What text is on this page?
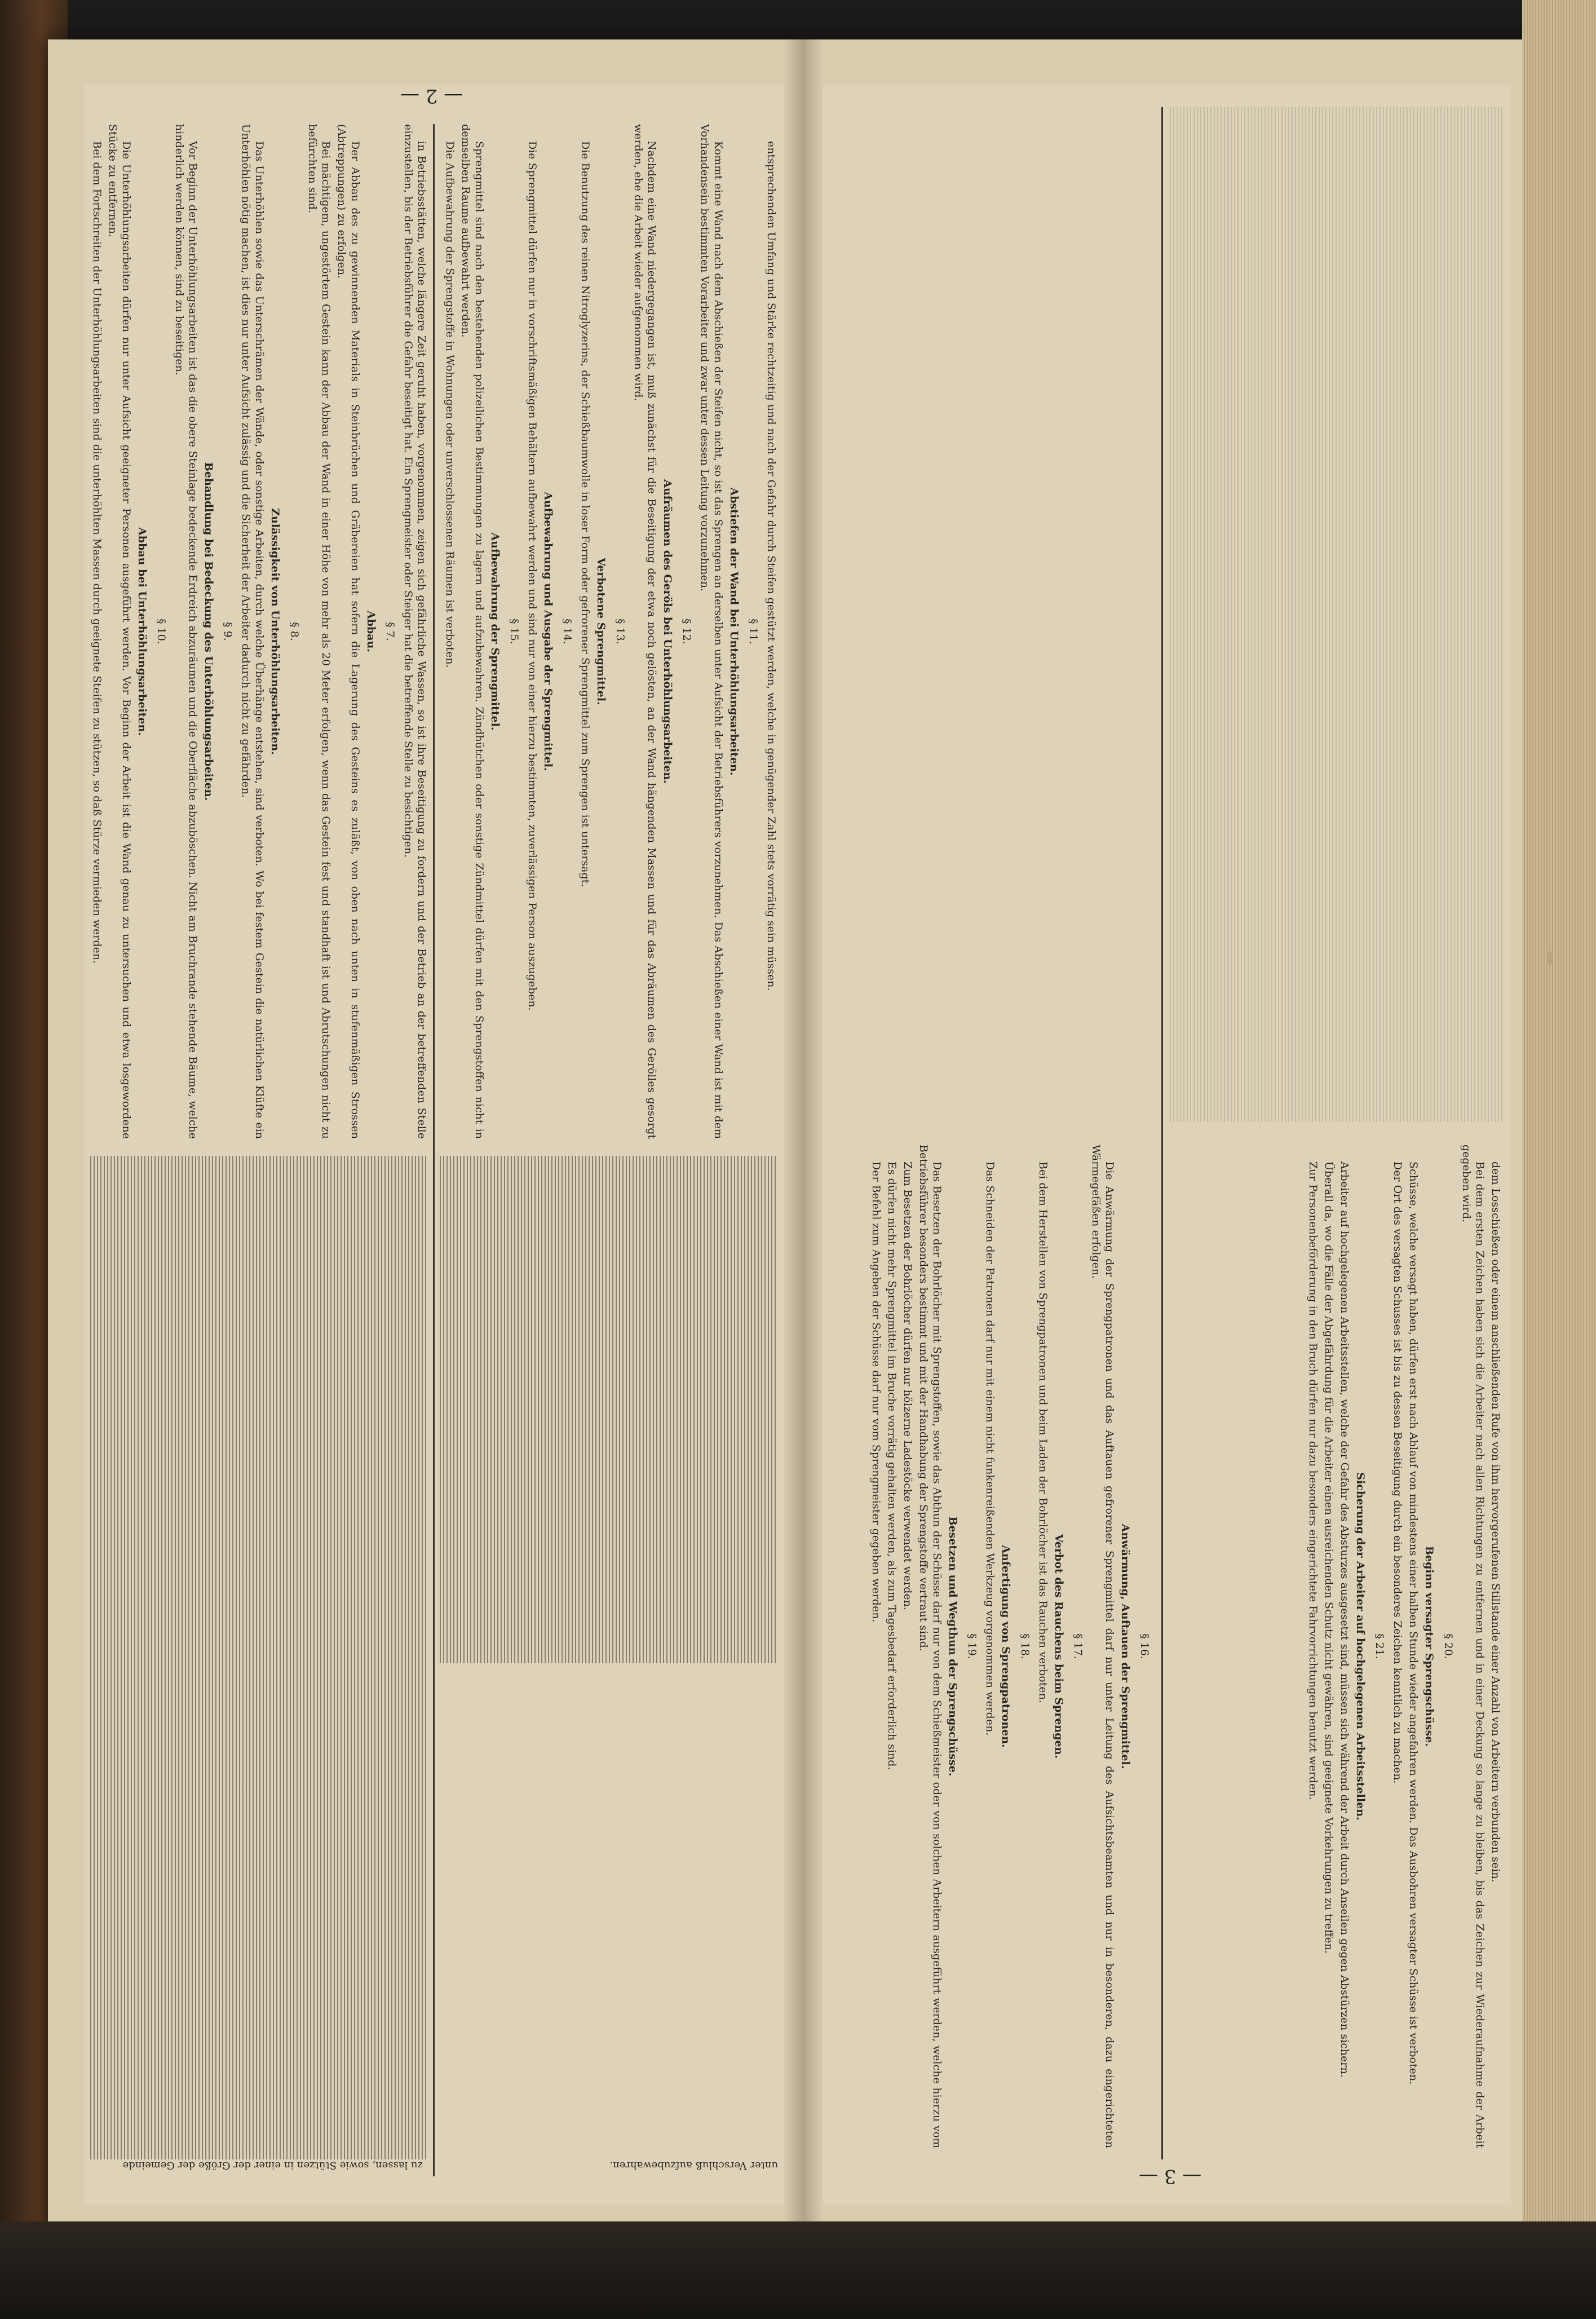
— 2 —

in Betriebsstätten, welche längere Zeit geruht haben, vorgenommen, zeigen sich gefährliche Wassen, so ist ihre Beseitigung zu fordern und der Betrieb an der betreffenden Stelle einzustellen, bis der Betriebsführer die Gefahr beseitigt hat. Ein Sprengmeister oder Steiger hat die betreffende Stelle zu besichtigen.

§ 7.
Abbau.

Der Abbau des zu gewinnenden Materials in Steinbrüchen und Gräbereien hat sofern die Lagerung des Gesteins es zuläßt, von oben nach unten in stufenmäßigen Strossen (Abtreppungen) zu erfolgen.

Bei mächtigem, ungestörtem Gestein kann der Abbau der Wand in einer Höhe von mehr als 20 Meter erfolgen, wenn das Gestein fest und standhaft ist und Abrutschungen nicht zu befürchten sind.

§ 8.
Zulässigkeit von Unterhöhlungsarbeiten.

Das Unterhöhlen sowie das Unterschrämen der Wände, oder sonstige Arbeiten, durch welche Überhänge entstehen, sind verboten. Wo bei festem Gestein die natürlichen Klüfte ein Unterhöhlen nötig machen, ist dies nur unter Aufsicht zulässig und die Sicherheit der Arbeiter dadurch nicht zu gefährden.

§ 9.
Behandlung bei Bedeckung des Unterhöhlungsarbeiten.

Vor Beginn der Unterhöhlungsarbeiten ist das die obere Steinlage bedeckende Erdreich abzuräumen und die Oberfläche abzuböschen. Nicht am Bruchrande stehende Bäume, welche hinderlich werden können, sind zu beseitigen.

§ 10.
Abbau bei Unterhöhlungsarbeiten.

Die Unterhöhlungsarbeiten dürfen nur unter Aufsicht geeigneter Personen ausgeführt werden. Vor Beginn der Arbeit ist die Wand genau zu untersuchen und etwa losgewordene Stücke zu entfernen.

Bei dem Fortschreiten der Unterhöhlungsarbeiten sind die unterhöhlten Massen durch geeignete Steifen zu stützen, so daß Stürze vermieden werden.	entsprechenden Umfang und Stärke rechtzeitig und nach der Gefahr durch Steifen gestützt werden, welche in genügender Zahl stets vorrätig sein müssen.

§ 11.
Abstiefen der Wand bei Unterhöhlungsarbeiten.

Kommt eine Wand nach dem Abschießen der Steifen nicht, so ist das Sprengen an derselben unter Aufsicht der Betriebsführers vorzunehmen. Das Abschießen einer Wand ist mit dem Vorhandensein bestimmten Vorarbeiter und zwar unter dessen Leitung vorzunehmen.

§ 12.
Aufräumen des Geröls bei Unterhöhlungsarbeiten.

Nachdem eine Wand niedergegangen ist, muß zunächst für die Beseitigung der etwa noch gelösten, an der Wand hängenden Massen und für das Abräumen des Gerölles gesorgt werden, ehe die Arbeit wieder aufgenommen wird.

§ 13.
Verbotene Sprengmittel.

Die Benutzung des reinen Nitroglyzerins, der Schießbaumwolle in loser Form oder gefrorener Sprengmittel zum Sprengen ist untersagt.

§ 14.
Aufbewahrung und Ausgabe der Sprengmittel.

Die Sprengmittel dürfen nur in vorschriftsmäßigen Behältern aufbewahrt werden und sind nur von einer hierzu bestimmten, zuverlässigen Person auszugeben.

§ 15.
Aufbewahrung der Sprengmittel.

Sprengmittel sind nach den bestehenden polizeilichen Bestimmungen zu lagern und aufzubewahren. Zündhütchen oder sonstige Zündmittel dürfen mit den Sprengstoffen nicht in demselben Raume aufbewahrt werden.

Die Aufbewahrung der Sprengstoffe in Wohnungen oder unverschlossenen Räumen ist verboten.

zu lassen, sowie Stützen in einer der Größe der Gemeinde	unter Verschluß aufzubewahren.	— 3 —
§ 16.
Anwärmung, Auftauen der Sprengmittel.

Die Anwärmung der Sprengpatronen und das Auftauen gefrorener Sprengmittel darf nur unter Leitung des Aufsichtsbeamten und nur in besonderen, dazu eingerichteten Wärmegefäßen erfolgen.

§ 17.
Verbot des Rauchens beim Sprengen.

Bei dem Herstellen von Sprengpatronen und beim Laden der Bohrlöcher ist das Rauchen verboten.

§ 18.
Anfertigung von Sprengpatronen.

Das Schneiden der Patronen darf nur mit einem nicht funkenreißenden Werkzeug vorgenommen werden.

§ 19.
Besetzen und Wegthun der Sprengschüsse.

Das Besetzen der Bohrlöcher mit Sprengstoffen, sowie das Abthun der Schüsse darf nur von dem Schießmeister oder von solchen Arbeitern ausgeführt werden, welche hierzu vom Betriebsführer besonders bestimmt und mit der Handhabung der Sprengstoffe vertraut sind.

Zum Besetzen der Bohrlöcher dürfen nur hölzerne Ladestöcke verwendet werden.

Es dürfen nicht mehr Sprengmittel im Bruche vorrätig gehalten werden, als zum Tagesbedarf erforderlich sind.

Der Befehl zum Angeben der Schüsse darf nur vom Sprengmeister gegeben werden.	dem Losschießen oder einem anschließenden Rufe von ihm hervorgerufenen Stillstande einer Anzahl von Arbeitern verbunden sein.

Bei dem ersten Zeichen haben sich die Arbeiter nach allen Richtungen zu entfernen und in einer Deckung so lange zu bleiben, bis das Zeichen zur Wiederaufnahme der Arbeit gegeben wird.

§ 20.
Beginn versagter Sprengschüsse.

Schüsse, welche versagt haben, dürfen erst nach Ablauf von mindestens einer halben Stunde wieder angefahren werden. Das Ausbohren versagter Schüsse ist verboten.

Der Ort des versagten Schusses ist bis zu dessen Beseitigung durch ein besonderes Zeichen kenntlich zu machen.

§ 21.
Sicherung der Arbeiter auf hochgelegenen Arbeitsstellen.

Arbeiter auf hochgelegenen Arbeitsstellen, welche der Gefahr des Absturzes ausgesetzt sind, müssen sich während der Arbeit durch Anseilen gegen Abstürzen sichern.

Überall da, wo die Fälle der Abgefährdung für die Arbeiter einen ausreichenden Schutz nicht gewähren, sind geeignete Vorkehrungen zu treffen.

Zur Personenbeförderung in den Bruch dürfen nur dazu besonders eingerichtete Fahrvorrichtungen benutzt werden.

▮
